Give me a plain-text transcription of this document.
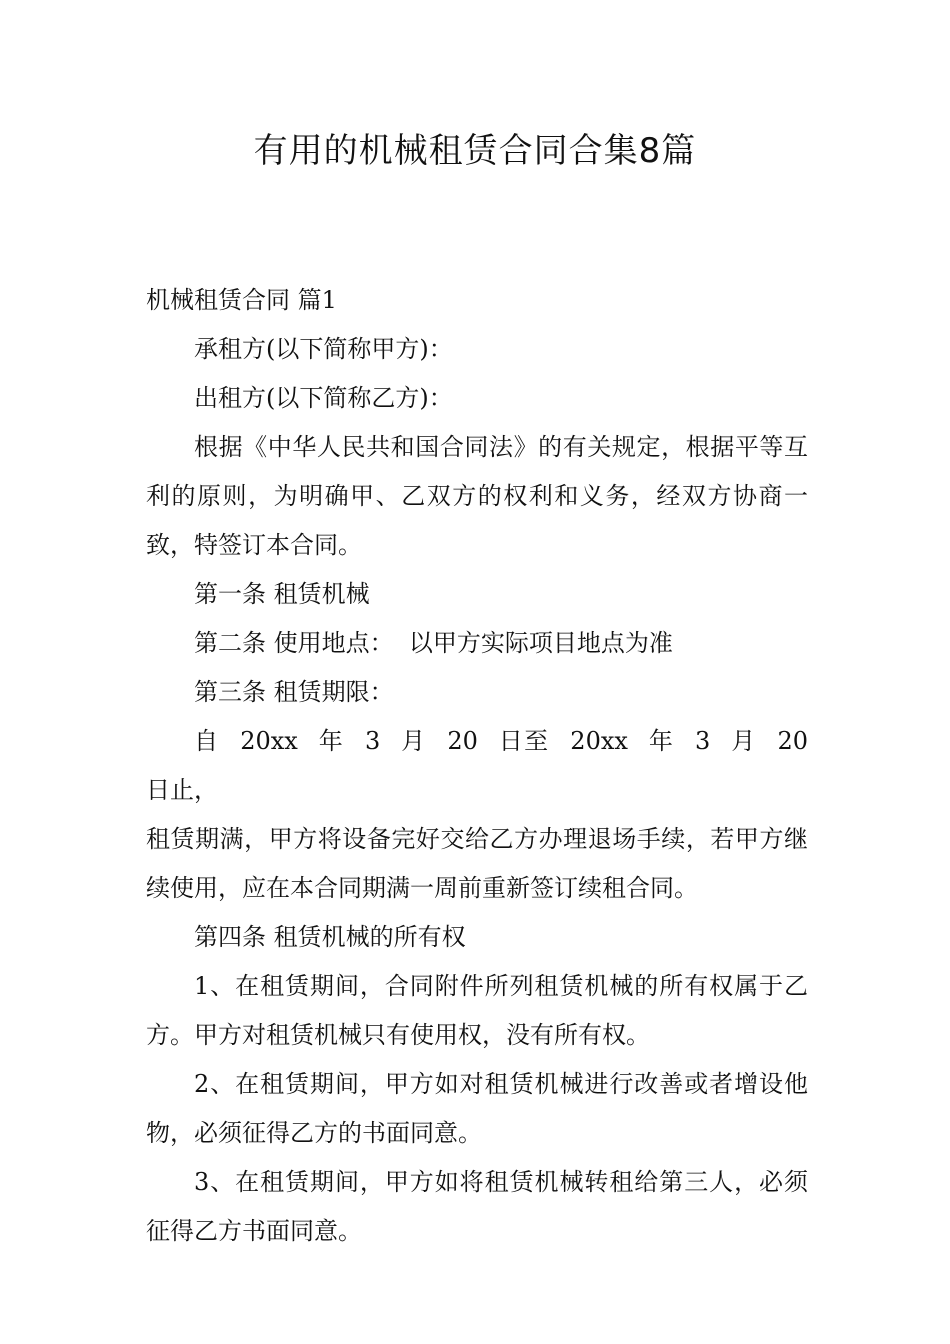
有用的机械租赁合同合集8篇

机械租赁合同 篇1

承租方(以下简称甲方)：

出租方(以下简称乙方)：

根据《中华人民共和国合同法》的有关规定，根据平等互利的原则，为明确甲、乙双方的权利和义务，经双方协商一致，特签订本合同。

第一条 租赁机械

第二条 使用地点：  以甲方实际项目地点为准

第三条 租赁期限：

自 20xx 年 3 月 20 日至 20xx 年 3 月 20 日止，

租赁期满，甲方将设备完好交给乙方办理退场手续，若甲方继续使用，应在本合同期满一周前重新签订续租合同。

第四条 租赁机械的所有权

1、在租赁期间，合同附件所列租赁机械的所有权属于乙方。甲方对租赁机械只有使用权，没有所有权。

2、在租赁期间，甲方如对租赁机械进行改善或者增设他物，必须征得乙方的书面同意。

3、在租赁期间，甲方如将租赁机械转租给第三人，必须征得乙方书面同意。
